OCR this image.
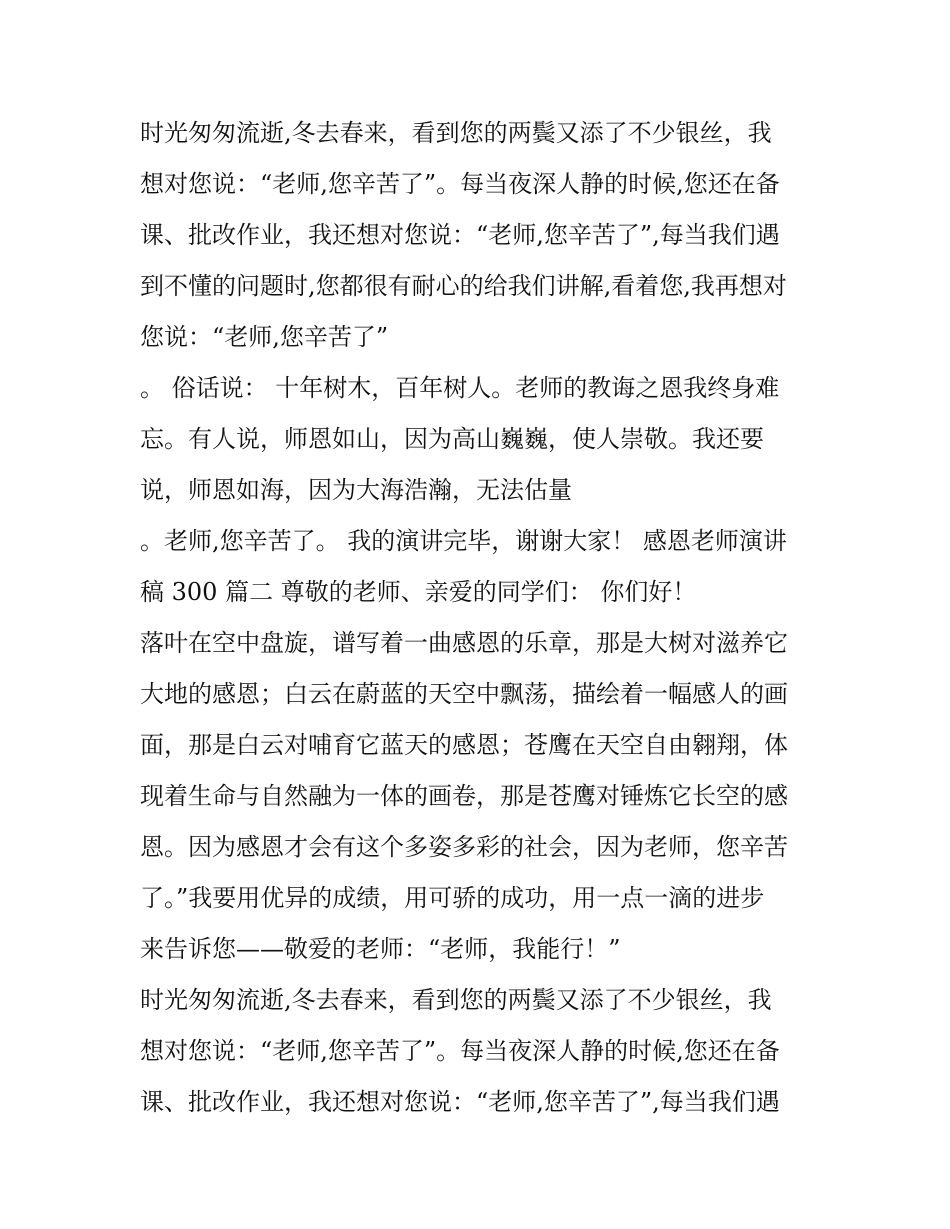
时光匆匆流逝,冬去春来，看到您的两鬓又添了不少银丝，我
想对您说：“老师,您辛苦了”。每当夜深人静的时候,您还在备
课、批改作业，我还想对您说：“老师,您辛苦了”,每当我们遇
到不懂的问题时,您都很有耐心的给我们讲解,看着您,我再想对
您说：“老师,您辛苦了”
。 俗话说： 十年树木，百年树人。老师的教诲之恩我终身难
忘。有人说，师恩如山，因为高山巍巍，使人崇敬。我还要
说，师恩如海，因为大海浩瀚，无法估量
。老师,您辛苦了。 我的演讲完毕，谢谢大家！ 感恩老师演讲
稿 300 篇二 尊敬的老师、亲爱的同学们： 你们好！
落叶在空中盘旋，谱写着一曲感恩的乐章，那是大树对滋养它
大地的感恩；白云在蔚蓝的天空中飘荡，描绘着一幅感人的画
面，那是白云对哺育它蓝天的感恩；苍鹰在天空自由翱翔，体
现着生命与自然融为一体的画卷，那是苍鹰对锤炼它长空的感
恩。因为感恩才会有这个多姿多彩的社会，因为老师，您辛苦
了。”我要用优异的成绩，用可骄的成功，用一点一滴的进步
来告诉您——敬爱的老师：“老师，我能行！”
时光匆匆流逝,冬去春来，看到您的两鬓又添了不少银丝，我
想对您说：“老师,您辛苦了”。每当夜深人静的时候,您还在备
课、批改作业，我还想对您说：“老师,您辛苦了”,每当我们遇
